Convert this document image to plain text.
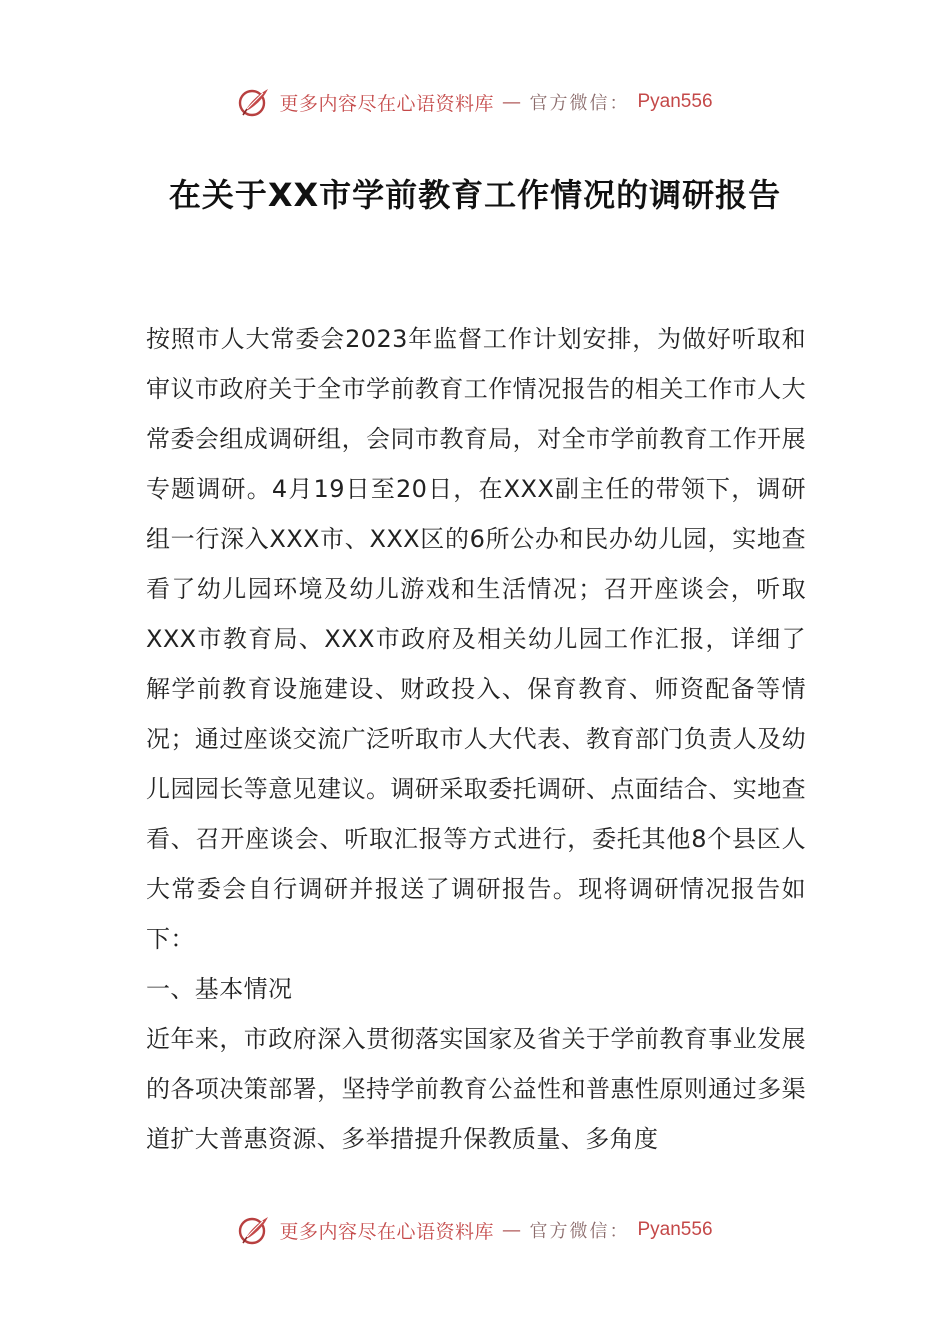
更多内容尽在心语资料库 — 官方微信： Pyan556
在关于XX市学前教育工作情况的调研报告

按照市人大常委会2023年监督工作计划安排，为做好听取和审议市政府关于全市学前教育工作情况报告的相关工作市人大常委会组成调研组，会同市教育局，对全市学前教育工作开展专题调研。4月19日至20日，在XXX副主任的带领下，调研组一行深入XXX市、XXX区的6所公办和民办幼儿园，实地查看了幼儿园环境及幼儿游戏和生活情况；召开座谈会，听取XXX市教育局、XXX市政府及相关幼儿园工作汇报，详细了解学前教育设施建设、财政投入、保育教育、师资配备等情况；通过座谈交流广泛听取市人大代表、教育部门负责人及幼儿园园长等意见建议。调研采取委托调研、点面结合、实地查看、召开座谈会、听取汇报等方式进行，委托其他8个县区人大常委会自行调研并报送了调研报告。现将调研情况报告如下：

一、基本情况

近年来，市政府深入贯彻落实国家及省关于学前教育事业发展的各项决策部署，坚持学前教育公益性和普惠性原则通过多渠道扩大普惠资源、多举措提升保教质量、多角度

更多内容尽在心语资料库 — 官方微信： Pyan556
